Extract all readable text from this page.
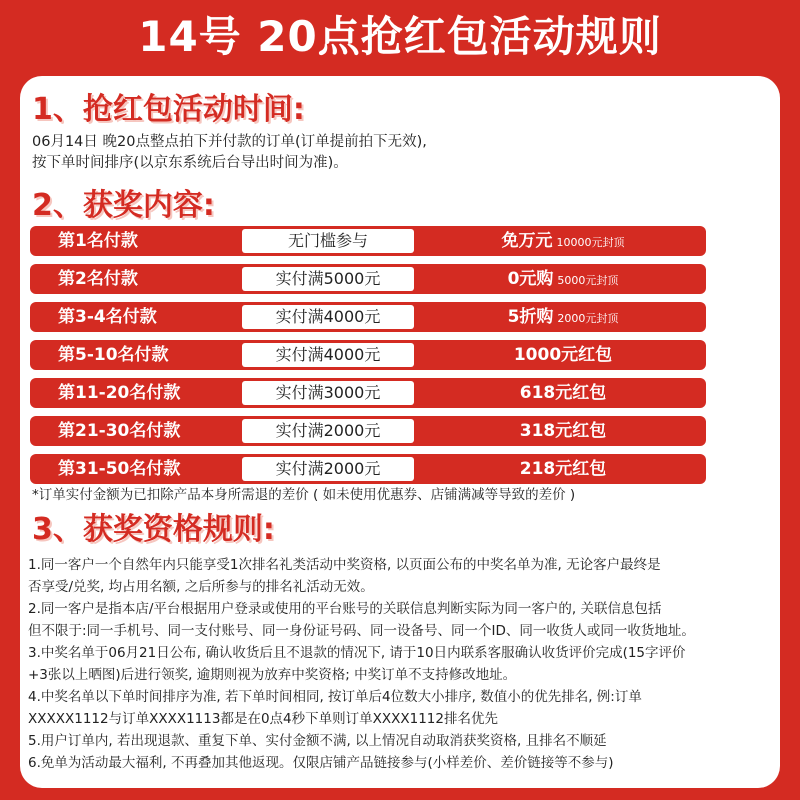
14号 20点抢红包活动规则
1、抢红包活动时间:
06月14日 晚20点整点拍下并付款的订单(订单提前拍下无效),
按下单时间排序(以京东系统后台导出时间为准)。
2、获奖内容:
第1名付款	无门槛参与	免万元 10000元封顶
第2名付款	实付满5000元	0元购 5000元封顶
第3-4名付款	实付满4000元	5折购 2000元封顶
第5-10名付款	实付满4000元	1000元红包
第11-20名付款	实付满3000元	618元红包
第21-30名付款	实付满2000元	318元红包
第31-50名付款	实付满2000元	218元红包
*订单实付金额为已扣除产品本身所需退的差价 ( 如未使用优惠券、店铺满减等导致的差价 )
3、获奖资格规则:
1.同一客户一个自然年内只能享受1次排名礼类活动中奖资格, 以页面公布的中奖名单为准, 无论客户最终是
否享受/兑奖, 均占用名额, 之后所参与的排名礼活动无效。
2.同一客户是指本店/平台根据用户登录或使用的平台账号的关联信息判断实际为同一客户的, 关联信息包括
但不限于:同一手机号、同一支付账号、同一身份证号码、同一设备号、同一个ID、同一收货人或同一收货地址。
3.中奖名单于06月21日公布, 确认收货后且不退款的情况下, 请于10日内联系客服确认收货评价完成(15字评价
+3张以上晒图)后进行领奖, 逾期则视为放弃中奖资格; 中奖订单不支持修改地址。
4.中奖名单以下单时间排序为准, 若下单时间相同, 按订单后4位数大小排序, 数值小的优先排名, 例:订单
XXXXX1112与订单XXXX1113都是在0点4秒下单则订单XXXX1112排名优先
5.用户订单内, 若出现退款、重复下单、实付金额不满, 以上情况自动取消获奖资格, 且排名不顺延
6.免单为活动最大福利, 不再叠加其他返现。仅限店铺产品链接参与(小样差价、差价链接等不参与)
